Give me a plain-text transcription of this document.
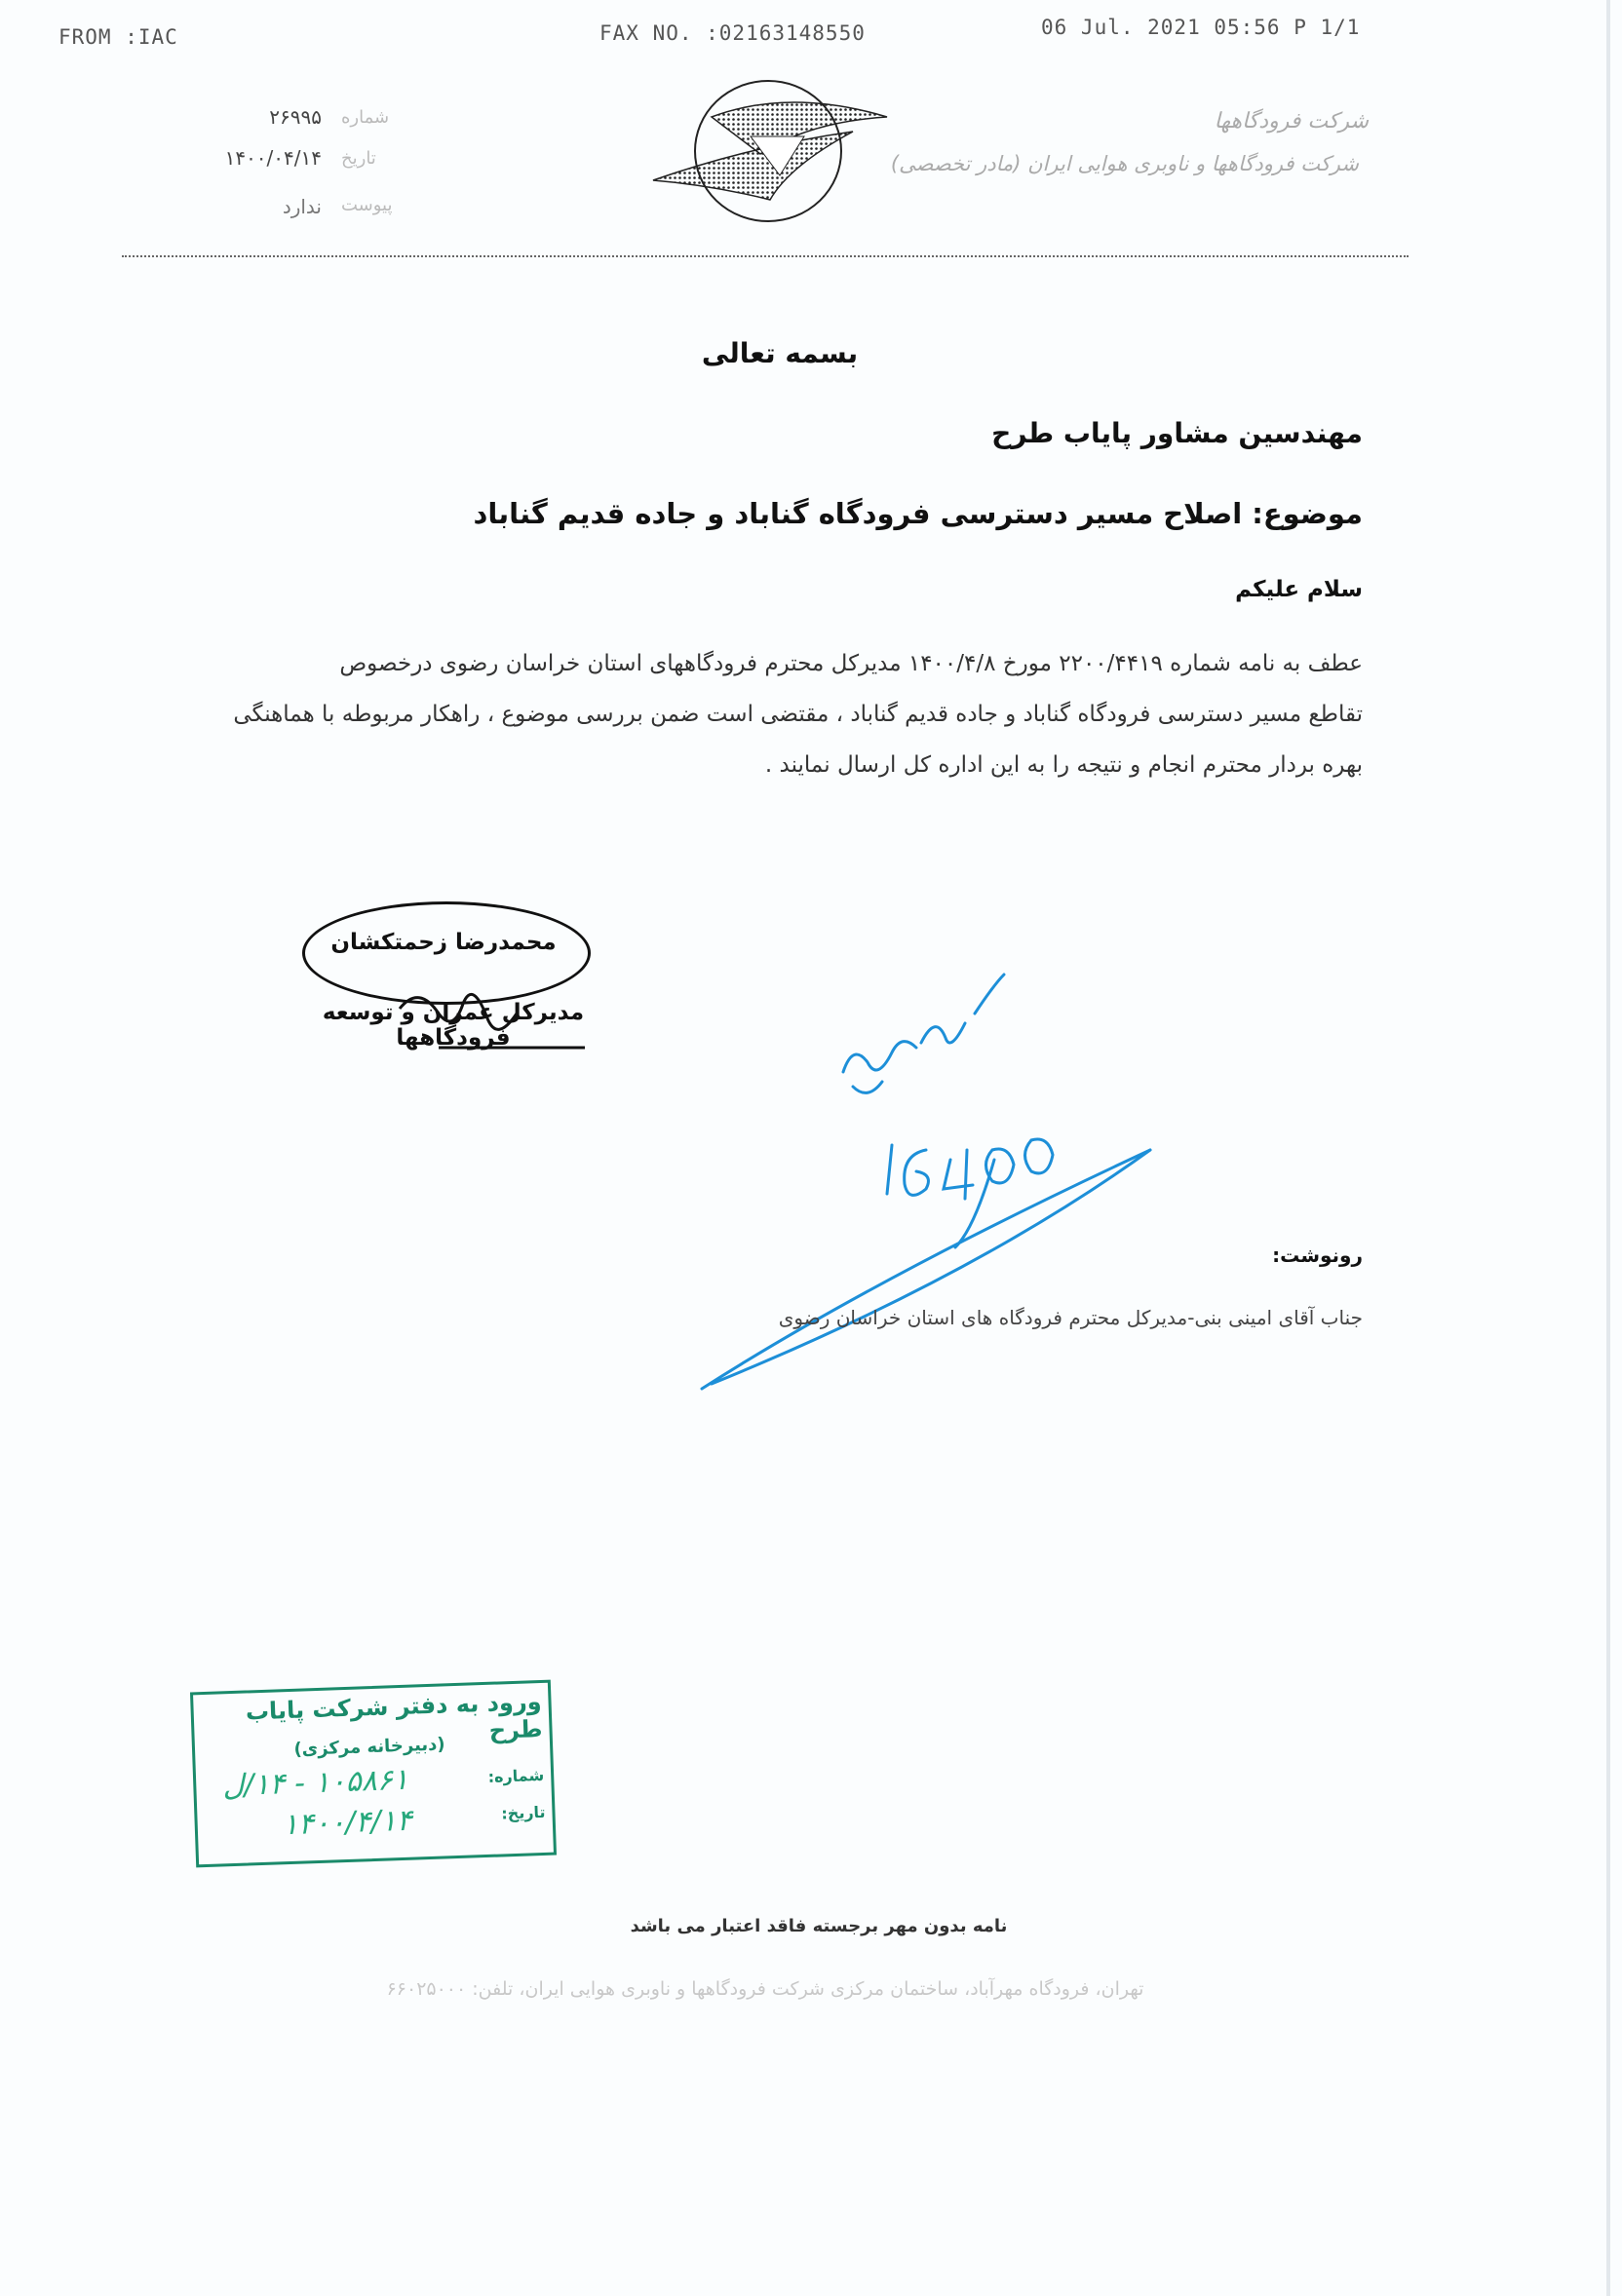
FROM :IAC	FAX NO. :02163148550	06 Jul. 2021 05:56 P 1/1
۲۶۹۹۵
۱۴۰۰/۰۴/۱۴
ندارد
شماره
تاریخ
پیوست
شرکت فرودگاهها
شرکت فرودگاهها و ناوبری هوایی ایران (مادر تخصصی)
بسمه تعالی
مهندسین مشاور پایاب طرح
موضوع: اصلاح مسیر دسترسی فرودگاه گناباد و جاده قدیم گناباد
سلام علیکم
عطف به نامه شماره ۲۲۰۰/۴۴۱۹ مورخ ۱۴۰۰/۴/۸ مدیرکل محترم فرودگاههای استان خراسان رضوی درخصوص
تقاطع مسیر دسترسی فرودگاه گناباد و جاده قدیم گناباد ، مقتضی است ضمن بررسی موضوع ، راهکار مربوطه با هماهنگی
بهره بردار محترم انجام و نتیجه را به این اداره کل ارسال نمایند .
محمدرضا زحمتکشان
مدیرکل عمران و توسعه فرودگاهها
رونوشت:
جناب آقای امینی بنی-مدیرکل محترم فرودگاه های استان خراسان رضوی
ورود به دفتر شرکت پایاب طرح
(دبیرخانه مرکزی)
شماره:
تاریخ:
۱۰۵۸۶۱ - ۱۴/ل
۱۴۰۰/۴/۱۴
نامه بدون مهر برجسته فاقد اعتبار می باشد
تهران، فرودگاه مهرآباد، ساختمان مرکزی شرکت فرودگاهها و ناوبری هوایی ایران، تلفن: ۶۶۰۲۵۰۰۰
